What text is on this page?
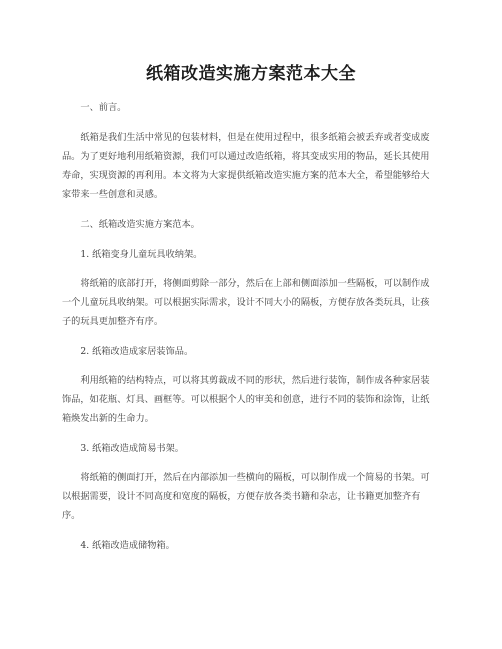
纸箱改造实施方案范本大全

一、前言。

纸箱是我们生活中常见的包装材料，但是在使用过程中，很多纸箱会被丢弃或者变成废品。为了更好地利用纸箱资源，我们可以通过改造纸箱，将其变成实用的物品，延长其使用寿命，实现资源的再利用。本文将为大家提供纸箱改造实施方案的范本大全，希望能够给大家带来一些创意和灵感。

二、纸箱改造实施方案范本。

1. 纸箱变身儿童玩具收纳架。

将纸箱的底部打开，将侧面剪除一部分，然后在上部和侧面添加一些隔板，可以制作成一个儿童玩具收纳架。可以根据实际需求，设计不同大小的隔板，方便存放各类玩具，让孩子的玩具更加整齐有序。

2. 纸箱改造成家居装饰品。

利用纸箱的结构特点，可以将其剪裁成不同的形状，然后进行装饰，制作成各种家居装饰品，如花瓶、灯具、画框等。可以根据个人的审美和创意，进行不同的装饰和涂饰，让纸箱焕发出新的生命力。

3. 纸箱改造成简易书架。

将纸箱的侧面打开，然后在内部添加一些横向的隔板，可以制作成一个简易的书架。可以根据需要，设计不同高度和宽度的隔板，方便存放各类书籍和杂志，让书籍更加整齐有序。

4. 纸箱改造成储物箱。
